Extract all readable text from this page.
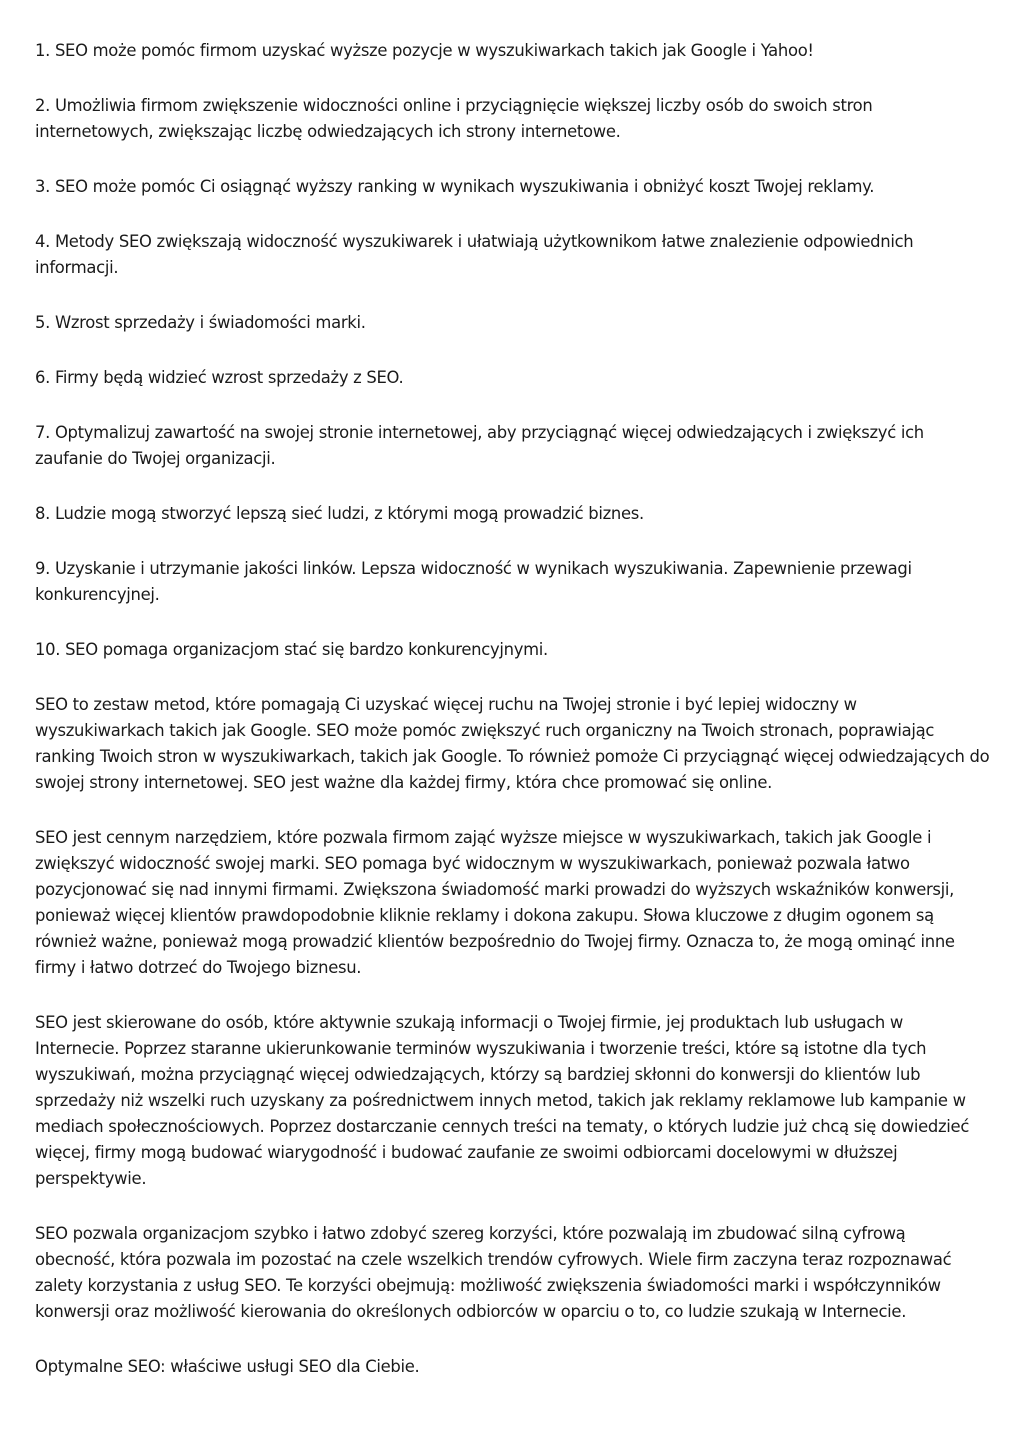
1. SEO może pomóc firmom uzyskać wyższe pozycje w wyszukiwarkach takich jak Google i Yahoo!

2. Umożliwia firmom zwiększenie widoczności online i przyciągnięcie większej liczby osób do swoich stron internetowych, zwiększając liczbę odwiedzających ich strony internetowe.

3. SEO może pomóc Ci osiągnąć wyższy ranking w wynikach wyszukiwania i obniżyć koszt Twojej reklamy.

4. Metody SEO zwiększają widoczność wyszukiwarek i ułatwiają użytkownikom łatwe znalezienie odpowiednich informacji.

5. Wzrost sprzedaży i świadomości marki.

6. Firmy będą widzieć wzrost sprzedaży z SEO.

7. Optymalizuj zawartość na swojej stronie internetowej, aby przyciągnąć więcej odwiedzających i zwiększyć ich zaufanie do Twojej organizacji.

8. Ludzie mogą stworzyć lepszą sieć ludzi, z którymi mogą prowadzić biznes.

9. Uzyskanie i utrzymanie jakości linków. Lepsza widoczność w wynikach wyszukiwania. Zapewnienie przewagi konkurencyjnej.

10. SEO pomaga organizacjom stać się bardzo konkurencyjnymi.

SEO to zestaw metod, które pomagają Ci uzyskać więcej ruchu na Twojej stronie i być lepiej widoczny w wyszukiwarkach takich jak Google. SEO może pomóc zwiększyć ruch organiczny na Twoich stronach, poprawiając ranking Twoich stron w wyszukiwarkach, takich jak Google. To również pomoże Ci przyciągnąć więcej odwiedzających do swojej strony internetowej. SEO jest ważne dla każdej firmy, która chce promować się online.

SEO jest cennym narzędziem, które pozwala firmom zająć wyższe miejsce w wyszukiwarkach, takich jak Google i zwiększyć widoczność swojej marki. SEO pomaga być widocznym w wyszukiwarkach, ponieważ pozwala łatwo pozycjonować się nad innymi firmami. Zwiększona świadomość marki prowadzi do wyższych wskaźników konwersji, ponieważ więcej klientów prawdopodobnie kliknie reklamy i dokona zakupu. Słowa kluczowe z długim ogonem są również ważne, ponieważ mogą prowadzić klientów bezpośrednio do Twojej firmy. Oznacza to, że mogą ominąć inne firmy i łatwo dotrzeć do Twojego biznesu.

SEO jest skierowane do osób, które aktywnie szukają informacji o Twojej firmie, jej produktach lub usługach w Internecie. Poprzez staranne ukierunkowanie terminów wyszukiwania i tworzenie treści, które są istotne dla tych wyszukiwań, można przyciągnąć więcej odwiedzających, którzy są bardziej skłonni do konwersji do klientów lub sprzedaży niż wszelki ruch uzyskany za pośrednictwem innych metod, takich jak reklamy reklamowe lub kampanie w mediach społecznościowych. Poprzez dostarczanie cennych treści na tematy, o których ludzie już chcą się dowiedzieć więcej, firmy mogą budować wiarygodność i budować zaufanie ze swoimi odbiorcami docelowymi w dłuższej perspektywie.

SEO pozwala organizacjom szybko i łatwo zdobyć szereg korzyści, które pozwalają im zbudować silną cyfrową obecność, która pozwala im pozostać na czele wszelkich trendów cyfrowych. Wiele firm zaczyna teraz rozpoznawać zalety korzystania z usług SEO. Te korzyści obejmują: możliwość zwiększenia świadomości marki i współczynników konwersji oraz możliwość kierowania do określonych odbiorców w oparciu o to, co ludzie szukają w Internecie.

Optymalne SEO: właściwe usługi SEO dla Ciebie.
